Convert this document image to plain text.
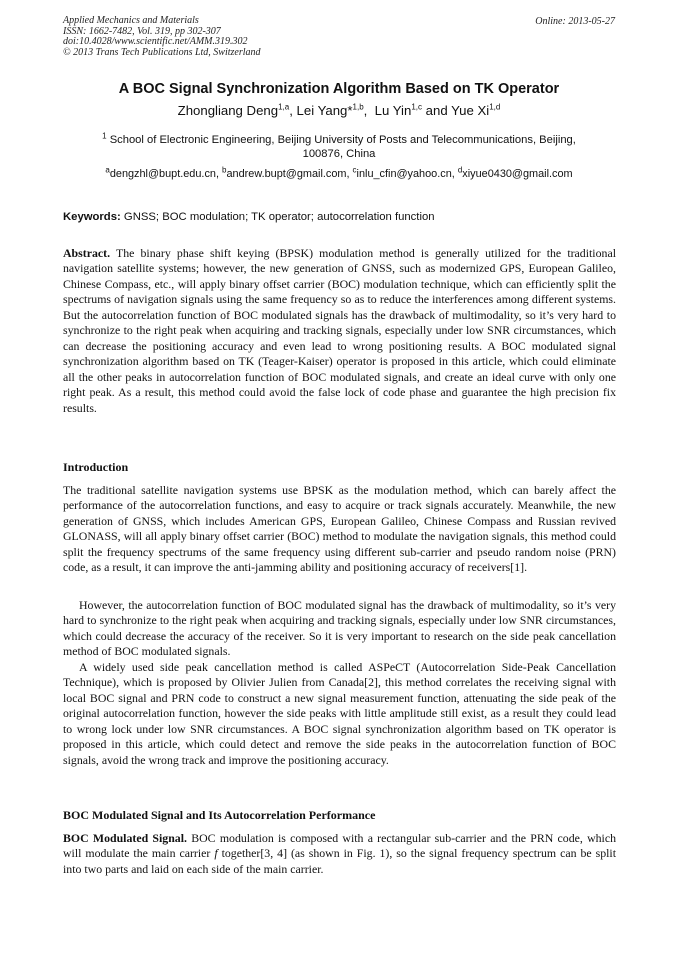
Applied Mechanics and Materials
ISSN: 1662-7482, Vol. 319, pp 302-307
doi:10.4028/www.scientific.net/AMM.319.302
© 2013 Trans Tech Publications Ltd, Switzerland
Online: 2013-05-27
A BOC Signal Synchronization Algorithm Based on TK Operator
Zhongliang Deng$^{1,a}$, Lei Yang*$^{1,b}$,  Lu Yin$^{1,c}$ and Yue Xi$^{1,d}$
$^1$ School of Electronic Engineering, Beijing University of Posts and Telecommunications, Beijing,
100876, China
$^a$dengzhl@bupt.edu.cn, $^b$andrew.bupt@gmail.com, $^c$inlu_cfin@yahoo.cn, $^d$xiyue0430@gmail.com
Keywords: GNSS; BOC modulation; TK operator; autocorrelation function
Abstract. The binary phase shift keying (BPSK) modulation method is generally utilized for the traditional navigation satellite systems; however, the new generation of GNSS, such as modernized GPS, European Galileo, Chinese Compass, etc., will apply binary offset carrier (BOC) modulation technique, which can efficiently split the spectrums of navigation signals using the same frequency so as to reduce the interferences among different systems. But the autocorrelation function of BOC modulated signals has the drawback of multimodality, so it’s very hard to synchronize to the right peak when acquiring and tracking signals, especially under low SNR circumstances, which can decrease the positioning accuracy and even lead to wrong positioning results. A BOC modulated signal synchronization algorithm based on TK (Teager-Kaiser) operator is proposed in this article, which could eliminate all the other peaks in autocorrelation function of BOC modulated signals, and create an ideal curve with only one right peak. As a result, this method could avoid the false lock of code phase and guarantee the high precision fix results.
Introduction
The traditional satellite navigation systems use BPSK as the modulation method, which can barely affect the performance of the autocorrelation functions, and easy to acquire or track signals accurately. Meanwhile, the new generation of GNSS, which includes American GPS, European Galileo, Chinese Compass and Russian revived GLONASS, will all apply binary offset carrier (BOC) method to modulate the navigation signals, this method could split the frequency spectrums of the same frequency using different sub-carrier and pseudo random noise (PRN) code, as a result, it can improve the anti-jamming ability and positioning accuracy of receivers[1].
However, the autocorrelation function of BOC modulated signal has the drawback of multimodality, so it’s very hard to synchronize to the right peak when acquiring and tracking signals, especially under low SNR circumstances, which could decrease the accuracy of the receiver. So it is very important to research on the side peak cancellation method of BOC modulated signals.
A widely used side peak cancellation method is called ASPeCT (Autocorrelation Side-Peak Cancellation Technique), which is proposed by Olivier Julien from Canada[2], this method correlates the receiving signal with local BOC signal and PRN code to construct a new signal measurement function, attenuating the side peak of the original autocorrelation function, however the side peaks with little amplitude still exist, as a result they could lead to wrong lock under low SNR circumstances. A BOC signal synchronization algorithm based on TK operator is proposed in this article, which could detect and remove the side peaks in the autocorrelation function of BOC signals, avoid the wrong track and improve the positioning accuracy.
BOC Modulated Signal and Its Autocorrelation Performance
BOC Modulated Signal. BOC modulation is composed with a rectangular sub-carrier and the PRN code, which will modulate the main carrier f together[3, 4] (as shown in Fig. 1), so the signal frequency spectrum can be split into two parts and laid on each side of the main carrier.
